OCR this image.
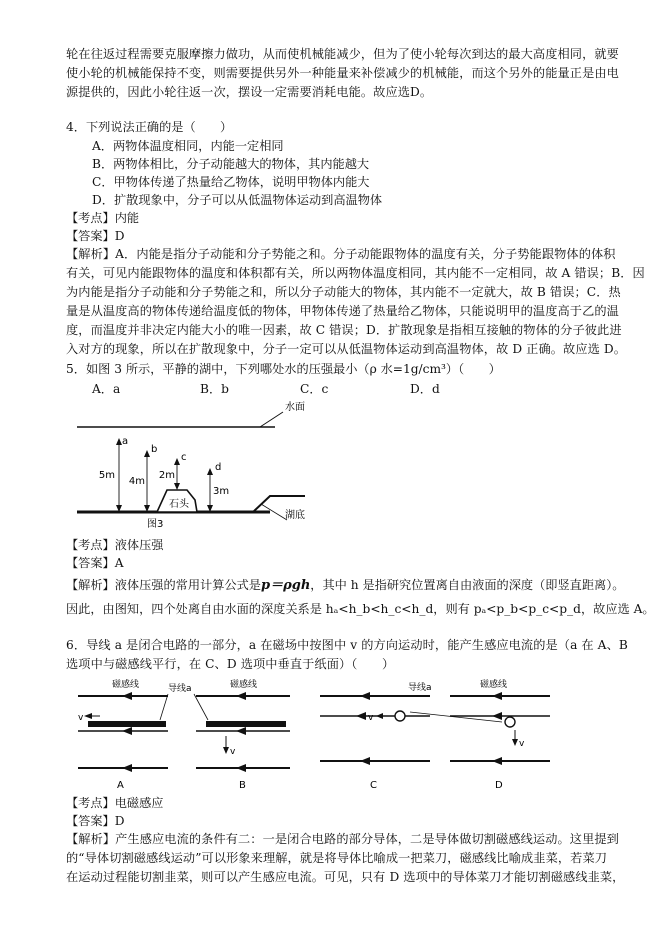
轮在往返过程需要克服摩擦力做功，从而使机械能减少，但为了使小轮每次到达的最大高度相同，就要
使小轮的机械能保持不变，则需要提供另外一种能量来补偿减少的机械能，而这个另外的能量正是由电
源提供的，因此小轮往返一次，摆设一定需要消耗电能。故应选D。
4．下列说法正确的是（　　）
A．两物体温度相同，内能一定相同
B．两物体相比，分子动能越大的物体，其内能越大
C．甲物体传递了热量给乙物体，说明甲物体内能大
D．扩散现象中，分子可以从低温物体运动到高温物体
【考点】内能
【答案】D
【解析】A．内能是指分子动能和分子势能之和。分子动能跟物体的温度有关，分子势能跟物体的体积
有关，可见内能跟物体的温度和体积都有关，所以两物体温度相同，其内能不一定相同，故 A 错误；B．因
为内能是指分子动能和分子势能之和，所以分子动能大的物体，其内能不一定就大，故 B 错误；C．热
量是从温度高的物体传递给温度低的物体，甲物体传递了热量给乙物体，只能说明甲的温度高于乙的温
度，而温度并非决定内能大小的唯一因素，故 C 错误；D．扩散现象是指相互接触的物体的分子彼此进
入对方的现象，所以在扩散现象中，分子一定可以从低温物体运动到高温物体，故 D 正确。故应选 D。
5．如图 3 所示，平静的湖中，下列哪处水的压强最小（ρ 水=1g/cm³）（　　）
A．a	B．b	C．c	D．d
水面
湖底
石头
a
5m
b
4m
c
2m
d
3m
图3
【考点】液体压强
【答案】A
【解析】液体压强的常用计算公式是p＝ρgh，其中 h 是指研究位置离自由液面的深度（即竖直距离）。
因此，由图知，四个处离自由水面的深度关系是 hₐ<h_b<h_c<h_d，则有 pₐ<p_b<p_c<p_d，故应选 A。
6．导线 a 是闭合电路的一部分，a 在磁场中按图中 v 的方向运动时，能产生感应电流的是（a 在 A、B
选项中与磁感线平行，在 C、D 选项中垂直于纸面）（　　）
磁感线
v
A
导线a	磁感线
v
B
导线a
v
C
磁感线
v
D
【考点】电磁感应
【答案】D
【解析】产生感应电流的条件有二：一是闭合电路的部分导体，二是导体做切割磁感线运动。这里提到
的“导体切割磁感线运动”可以形象来理解，就是将导体比喻成一把菜刀，磁感线比喻成韭菜，若菜刀
在运动过程能切割韭菜，则可以产生感应电流。可见，只有 D 选项中的导体菜刀才能切割磁感线韭菜，
